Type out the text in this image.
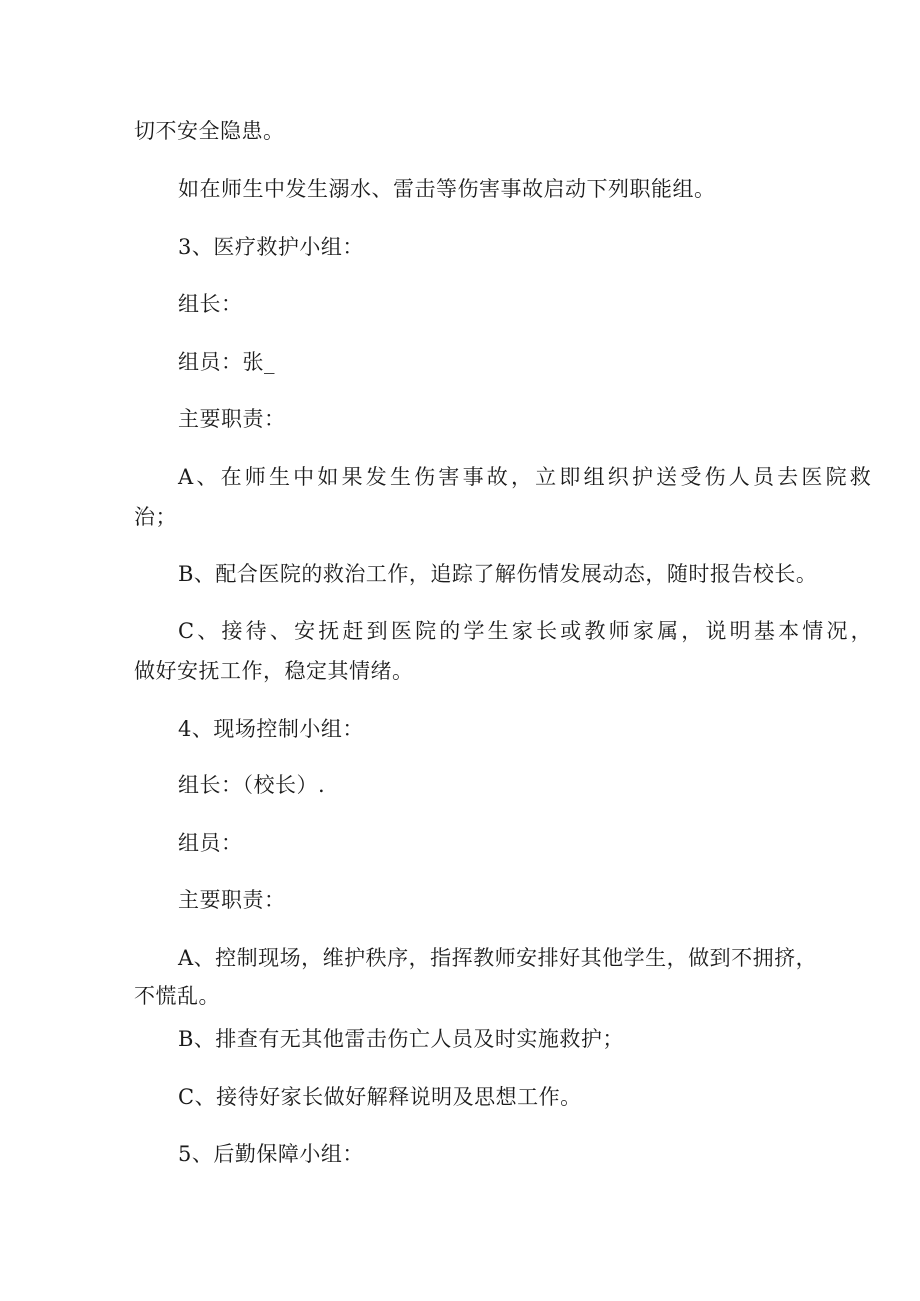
切不安全隐患。
如在师生中发生溺水、雷击等伤害事故启动下列职能组。
3、医疗救护小组：
组长：
组员：张_
主要职责：
A、在师生中如果发生伤害事故，立即组织护送受伤人员去医院救
治；
B、配合医院的救治工作，追踪了解伤情发展动态，随时报告校长。
C、接待、安抚赶到医院的学生家长或教师家属，说明基本情况，
做好安抚工作，稳定其情绪。
4、现场控制小组：
组长：（校长）.
组员：
主要职责：
A、控制现场，维护秩序，指挥教师安排好其他学生，做到不拥挤，
不慌乱。
B、排查有无其他雷击伤亡人员及时实施救护；
C、接待好家长做好解释说明及思想工作。
5、后勤保障小组：
